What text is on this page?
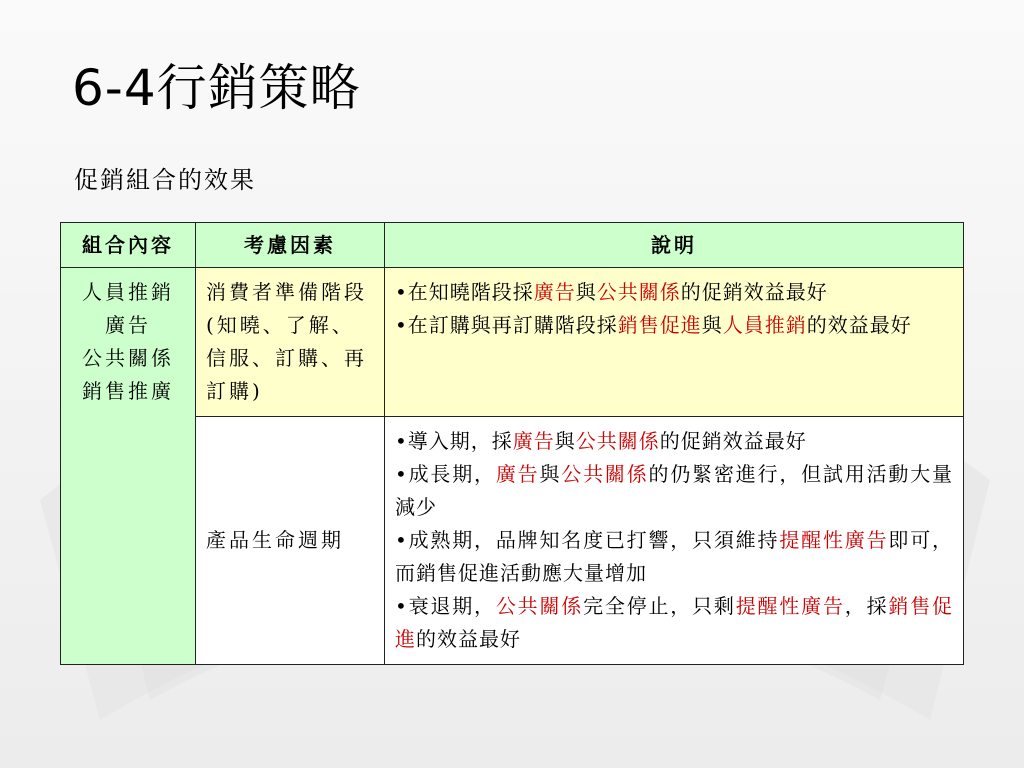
6-4行銷策略
促銷組合的效果
組合內容	考慮因素	說明

人員推銷
廣告
公共關係
銷售推廣	消費者準備階段(知曉、了解、信服、訂購、再訂購)	•在知曉階段採廣告與公共關係的促銷效益最好
•在訂購與再訂購階段採銷售促進與人員推銷的效益最好

	產品生命週期	•導入期，採廣告與公共關係的促銷效益最好
•成長期，廣告與公共關係的仍緊密進行，但試用活動大量減少
•成熟期，品牌知名度已打響，只須維持提醒性廣告即可，而銷售促進活動應大量增加
•衰退期，公共關係完全停止，只剩提醒性廣告，採銷售促進的效益最好
